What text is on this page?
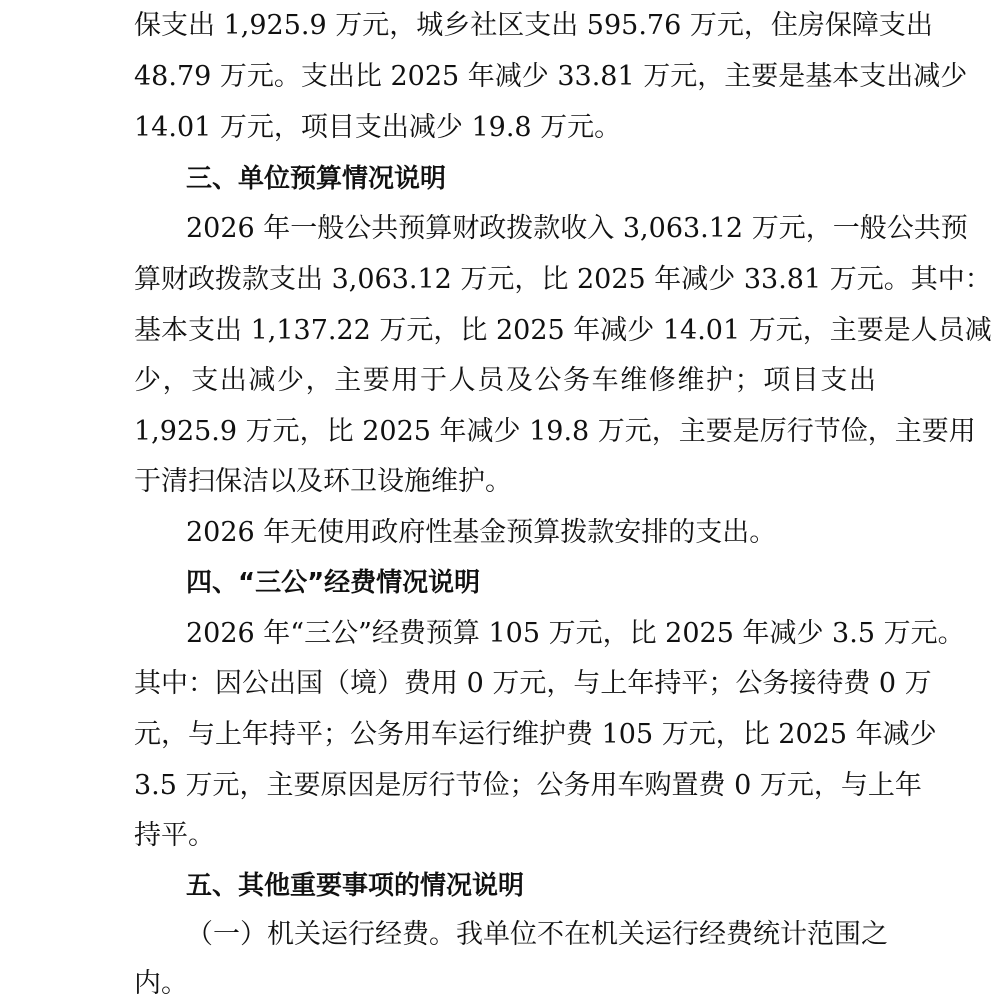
保支出 1,925.9 万元，城乡社区支出 595.76 万元，住房保障支出
48.79 万元。支出比 2025 年减少 33.81 万元，主要是基本支出减少
14.01 万元，项目支出减少 19.8 万元。
三、单位预算情况说明
2026 年一般公共预算财政拨款收入 3,063.12 万元，一般公共预
算财政拨款支出 3,063.12 万元，比 2025 年减少 33.81 万元。其中：
基本支出 1,137.22 万元，比 2025 年减少 14.01 万元，主要是人员减
少，支出减少，主要用于人员及公务车维修维护；项目支出
1,925.9 万元，比 2025 年减少 19.8 万元，主要是厉行节俭，主要用
于清扫保洁以及环卫设施维护。
2026 年无使用政府性基金预算拨款安排的支出。
四、“三公”经费情况说明
2026 年“三公”经费预算 105 万元，比 2025 年减少 3.5 万元。
其中：因公出国（境）费用 0 万元，与上年持平；公务接待费 0 万
元，与上年持平；公务用车运行维护费 105 万元，比 2025 年减少
3.5 万元，主要原因是厉行节俭；公务用车购置费 0 万元，与上年
持平。
五、其他重要事项的情况说明
（一）机关运行经费。我单位不在机关运行经费统计范围之
内。
